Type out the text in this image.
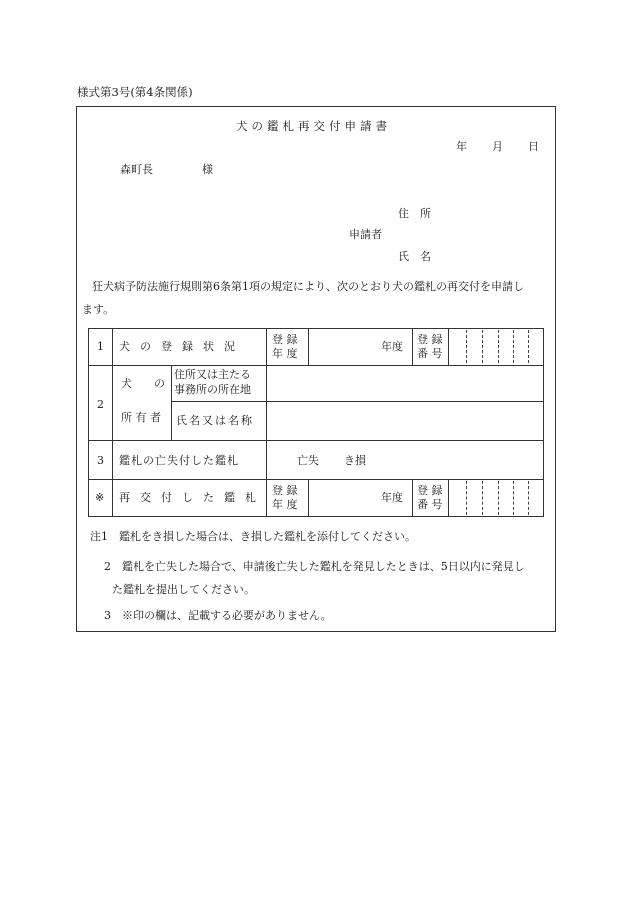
様式第3号(第4条関係)
犬の鑑札再交付申請書
年 月 日
森町長	様
住　所
申請者
氏　名
狂犬病予防法施行規則第6条第1項の規定により、次のとおり犬の鑑札の再交付を申請し
ます。
1 犬の登録状況
登 録
年 度
年度
登 録
番 号
2
犬　　の
所 有 者
住所又は主たる
事務所の所在地
氏名又は名称
3 鑑札の亡失付した鑑札	亡失 き損
※ 再交付した鑑札
登 録
年 度
年度
登 録
番 号
注1　鑑札をき損した場合は、き損した鑑札を添付してください。
2　鑑札を亡失した場合で、申請後亡失した鑑札を発見したときは、5日以内に発見し
た鑑札を提出してください。
3　※印の欄は、記載する必要がありません。
